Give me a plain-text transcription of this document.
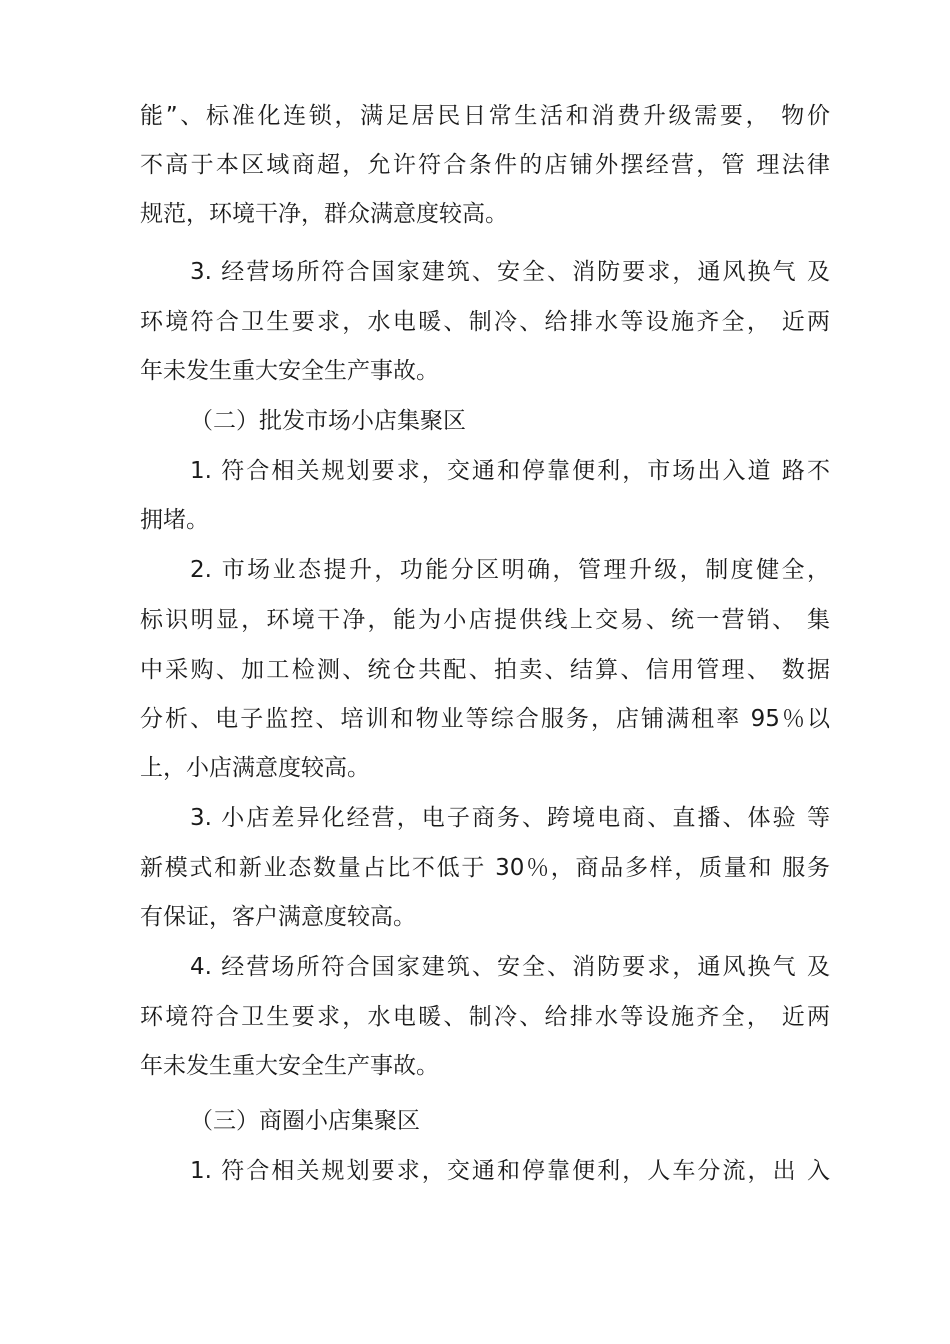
能”、标准化连锁，满足居民日常生活和消费升级需要， 物价
不高于本区域商超，允许符合条件的店铺外摆经营，管 理法律
规范，环境干净，群众满意度较高。
3. 经营场所符合国家建筑、安全、消防要求，通风换气 及
环境符合卫生要求，水电暖、制冷、给排水等设施齐全， 近两
年未发生重大安全生产事故。
（二）批发市场小店集聚区
1. 符合相关规划要求，交通和停靠便利，市场出入道 路不
拥堵。
2. 市场业态提升，功能分区明确，管理升级，制度健全，
标识明显，环境干净，能为小店提供线上交易、统一营销、 集
中采购、加工检测、统仓共配、拍卖、结算、信用管理、 数据
分析、电子监控、培训和物业等综合服务，店铺满租率 95％以
上，小店满意度较高。
3. 小店差异化经营，电子商务、跨境电商、直播、体验 等
新模式和新业态数量占比不低于 30％，商品多样，质量和 服务
有保证，客户满意度较高。
4. 经营场所符合国家建筑、安全、消防要求，通风换气 及
环境符合卫生要求，水电暖、制冷、给排水等设施齐全， 近两
年未发生重大安全生产事故。
（三）商圈小店集聚区
1. 符合相关规划要求，交通和停靠便利，人车分流，出 入
